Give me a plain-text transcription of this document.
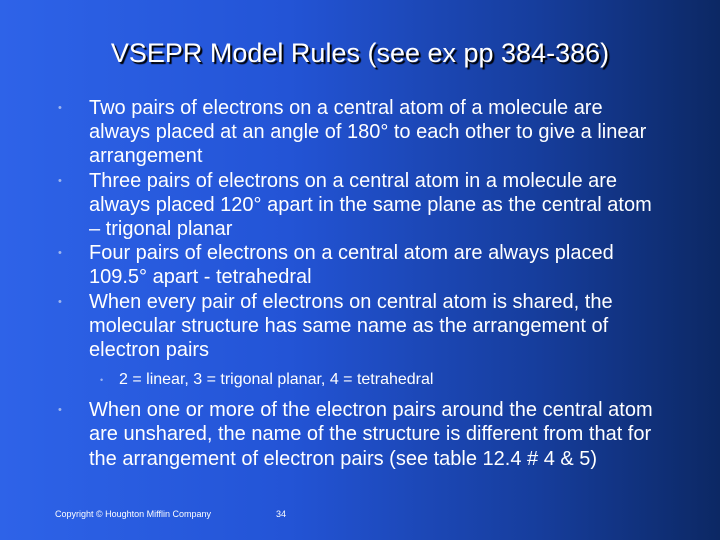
VSEPR Model Rules (see ex pp 384-386)
• Two pairs of electrons on a central atom of a molecule are always placed at an angle of 180° to each other to give a linear arrangement
• Three pairs of electrons on a central atom in a molecule are always placed 120° apart in the same plane as the central atom – trigonal planar
• Four pairs of electrons on a central atom are always placed 109.5° apart - tetrahedral
• When every pair of electrons on central atom is shared, the molecular structure has same name as the arrangement of electron pairs
• 2 = linear, 3 = trigonal planar, 4 = tetrahedral
• When one or more of the electron pairs around the central atom are unshared, the name of the structure is different from that for the arrangement of electron pairs (see table 12.4 # 4 & 5)
Copyright © Houghton Mifflin Company	34
